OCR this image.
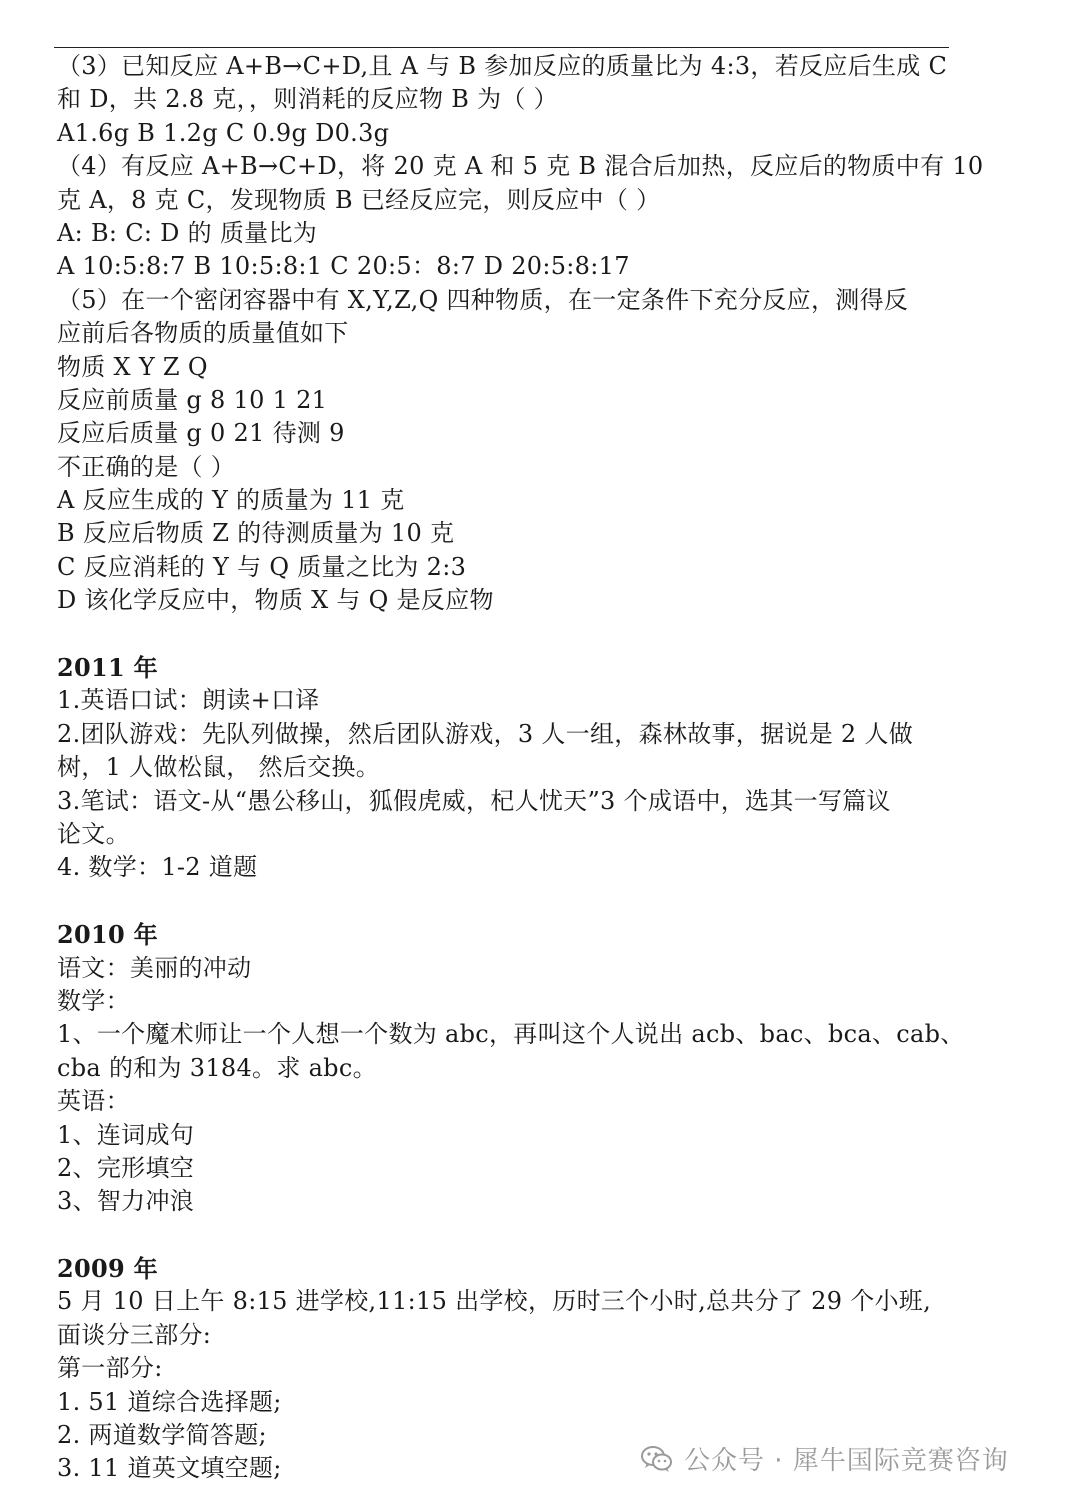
（3）已知反应 A+B→C+D,且 A 与 B 参加反应的质量比为 4:3，若反应后生成 C
和 D，共 2.8 克，，则消耗的反应物 B 为（ ）
A1.6g B 1.2g C 0.9g D0.3g
（4）有反应 A+B→C+D，将 20 克 A 和 5 克 B 混合后加热，反应后的物质中有 10
克 A，8 克 C，发现物质 B 已经反应完，则反应中（ ）
A: B: C: D 的 质量比为
A 10:5:8:7 B 10:5:8:1 C 20:5：8:7 D 20:5:8:17
（5）在一个密闭容器中有 X,Y,Z,Q 四种物质，在一定条件下充分反应，测得反
应前后各物质的质量值如下
物质 X Y Z Q
反应前质量 g 8 10 1 21
反应后质量 g 0 21 待测 9
不正确的是（ ）
A 反应生成的 Y 的质量为 11 克
B 反应后物质 Z 的待测质量为 10 克
C 反应消耗的 Y 与 Q 质量之比为 2:3
D 该化学反应中，物质 X 与 Q 是反应物
2011 年
1.英语口试：朗读+口译
2.团队游戏：先队列做操，然后团队游戏，3 人一组，森林故事，据说是 2 人做
树，1 人做松鼠， 然后交换。
3.笔试：语文-从“愚公移山，狐假虎威，杞人忧天”3 个成语中，选其一写篇议
论文。
4. 数学：1-2 道题
2010 年
语文：美丽的冲动
数学：
1、一个魔术师让一个人想一个数为 abc，再叫这个人说出 acb、bac、bca、cab、
cba 的和为 3184。求 abc。
英语：
1、连词成句
2、完形填空
3、智力冲浪
2009 年
5 月 10 日上午 8:15 进学校,11:15 出学校，历时三个小时,总共分了 29 个小班,
面谈分三部分:
第一部分:
1. 51 道综合选择题;
2. 两道数学简答题;
3. 11 道英文填空题;	公众号 · 犀牛国际竞赛咨询
